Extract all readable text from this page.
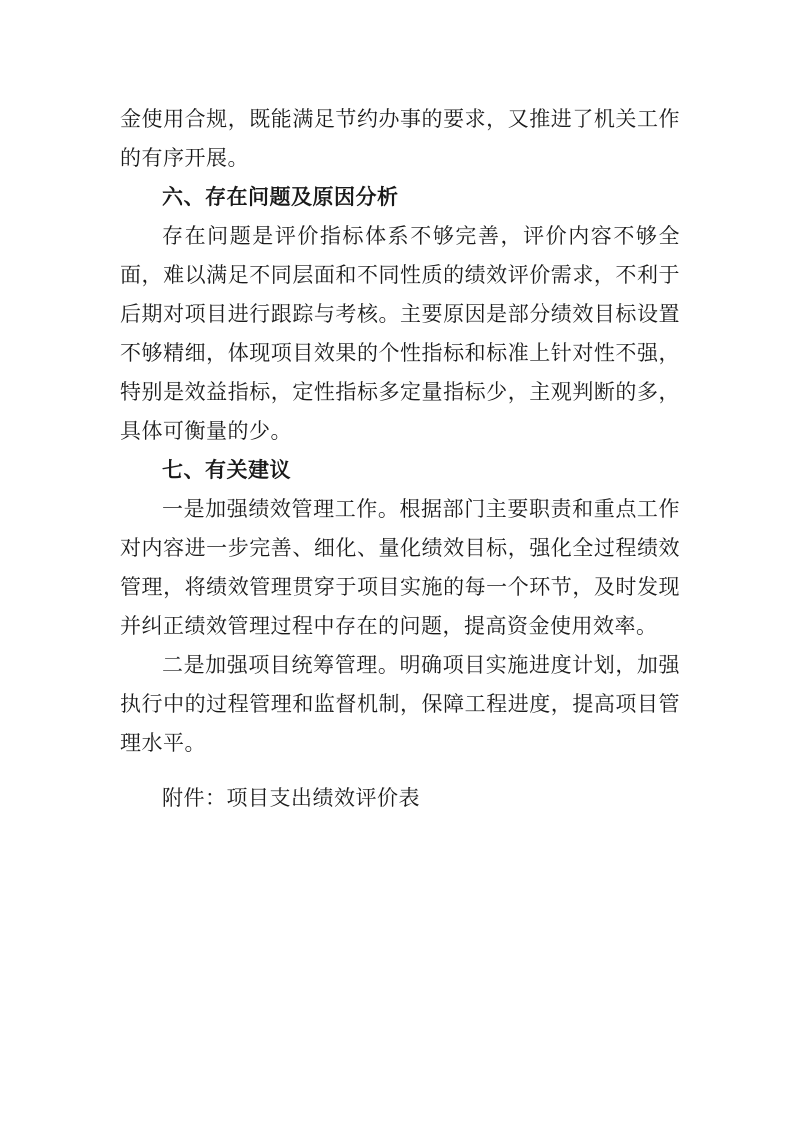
金使用合规，既能满足节约办事的要求，又推进了机关工作
的有序开展。
六、存在问题及原因分析
存在问题是评价指标体系不够完善，评价内容不够全
面，难以满足不同层面和不同性质的绩效评价需求，不利于
后期对项目进行跟踪与考核。主要原因是部分绩效目标设置
不够精细，体现项目效果的个性指标和标准上针对性不强，
特别是效益指标，定性指标多定量指标少，主观判断的多，
具体可衡量的少。
七、有关建议
一是加强绩效管理工作。根据部门主要职责和重点工作
对内容进一步完善、细化、量化绩效目标，强化全过程绩效
管理，将绩效管理贯穿于项目实施的每一个环节，及时发现
并纠正绩效管理过程中存在的问题，提高资金使用效率。
二是加强项目统筹管理。明确项目实施进度计划，加强
执行中的过程管理和监督机制，保障工程进度，提高项目管
理水平。
附件：项目支出绩效评价表
